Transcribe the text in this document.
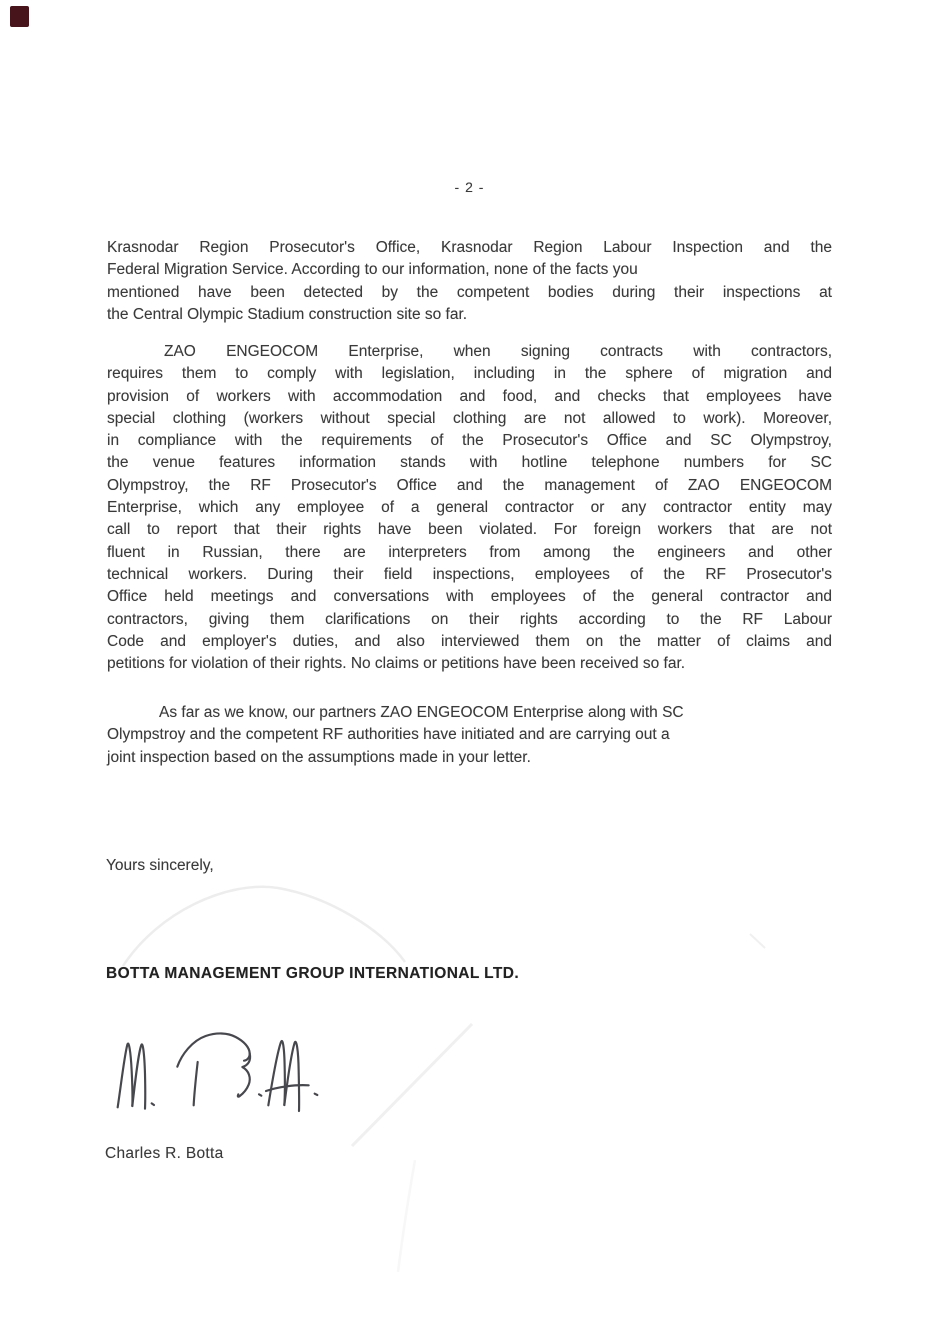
- 2 -
Krasnodar Region Prosecutor's Office, Krasnodar Region Labour Inspection and the
Federal Migration Service. According to our information, none of the facts you
mentioned have been detected by the competent bodies during their inspections at
the Central Olympic Stadium construction site so far.
ZAO ENGEOCOM Enterprise, when signing contracts with contractors,
requires them to comply with legislation, including in the sphere of migration and
provision of workers with accommodation and food, and checks that employees have
special clothing (workers without special clothing are not allowed to work). Moreover,
in compliance with the requirements of the Prosecutor's Office and SC Olympstroy,
the venue features information stands with hotline telephone numbers for SC
Olympstroy, the RF Prosecutor's Office and the management of ZAO ENGEOCOM
Enterprise, which any employee of a general contractor or any contractor entity may
call to report that their rights have been violated. For foreign workers that are not
fluent in Russian, there are interpreters from among the engineers and other
technical workers. During their field inspections, employees of the RF Prosecutor's
Office held meetings and conversations with employees of the general contractor and
contractors, giving them clarifications on their rights according to the RF Labour
Code and employer's duties, and also interviewed them on the matter of claims and
petitions for violation of their rights. No claims or petitions have been received so far.
As far as we know, our partners ZAO ENGEOCOM Enterprise along with SC
Olympstroy and the competent RF authorities have initiated and are carrying out a
joint inspection based on the assumptions made in your letter.
Yours sincerely,
BOTTA MANAGEMENT GROUP INTERNATIONAL LTD.
Charles R. Botta
